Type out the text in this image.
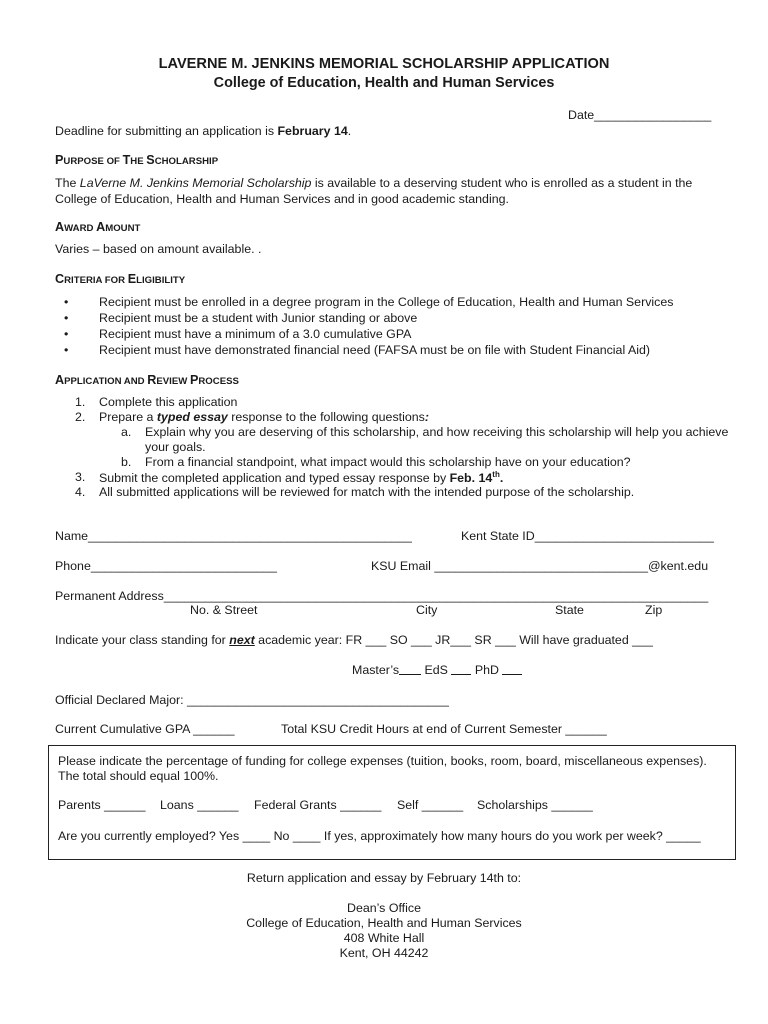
LAVERNE M. JENKINS MEMORIAL SCHOLARSHIP APPLICATION
College of Education, Health and Human Services
Date_________________
Deadline for submitting an application is February 14.
PURPOSE OF THE SCHOLARSHIP
The LaVerne M. Jenkins Memorial Scholarship is available to a deserving student who is enrolled as a student in the College of Education, Health and Human Services and in good academic standing.
AWARD AMOUNT
Varies – based on amount available. .
CRITERIA FOR ELIGIBILITY
• Recipient must be enrolled in a degree program in the College of Education, Health and Human Services
• Recipient must be a student with Junior standing or above
• Recipient must have a minimum of a 3.0 cumulative GPA
• Recipient must have demonstrated financial need (FAFSA must be on file with Student Financial Aid)
APPLICATION AND REVIEW PROCESS
1. Complete this application
2. Prepare a typed essay response to the following questions:
a. Explain why you are deserving of this scholarship, and how receiving this scholarship will help you achieve your goals.
b. From a financial standpoint, what impact would this scholarship have on your education?
3. Submit the completed application and typed essay response by Feb. 14th.
4. All submitted applications will be reviewed for match with the intended purpose of the scholarship.
Name_______________________________________________	Kent State ID__________________________
Phone___________________________	KSU Email _______________________________@kent.edu
Permanent Address_______________________________________________________________________________
No. & Street	City	State	Zip
Indicate your class standing for next academic year: FR ___ SO ___ JR___ SR ___ Will have graduated ___
Master’s EdS PhD
Official Declared Major: ______________________________________
Current Cumulative GPA ______	Total KSU Credit Hours at end of Current Semester ______
Please indicate the percentage of funding for college expenses (tuition, books, room, board, miscellaneous expenses).
The total should equal 100%.
Parents ______ Loans ______ Federal Grants ______ Self ______ Scholarships ______
Are you currently employed? Yes ____ No ____ If yes, approximately how many hours do you work per week? _____
Return application and essay by February 14th to:
Dean’s Office
College of Education, Health and Human Services
408 White Hall
Kent, OH 44242
